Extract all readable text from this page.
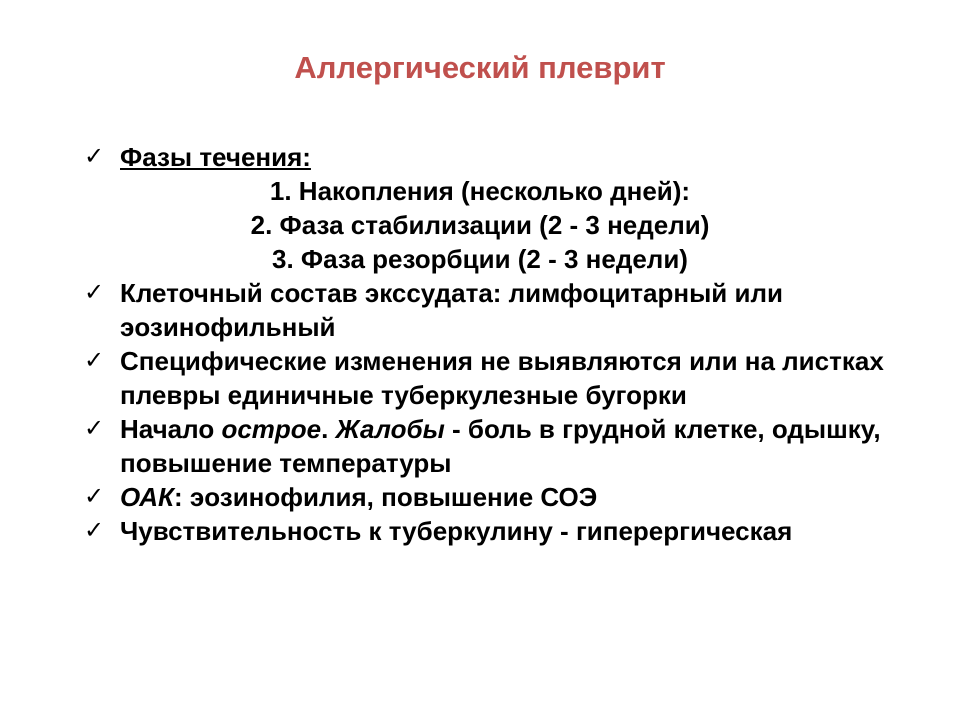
Аллергический плеврит
✓ Фазы течения:
1. Накопления (несколько дней):
2. Фаза стабилизации (2 - 3 недели)
3. Фаза резорбции (2 - 3 недели)
✓ Клеточный состав экссудата: лимфоцитарный или эозинофильный
✓ Специфические изменения не выявляются или на листках плевры единичные туберкулезные бугорки
✓ Начало острое. Жалобы - боль в грудной клетке, одышку, повышение температуры
✓ ОАК: эозинофилия, повышение СОЭ
✓ Чувствительность к туберкулину - гиперергическая
